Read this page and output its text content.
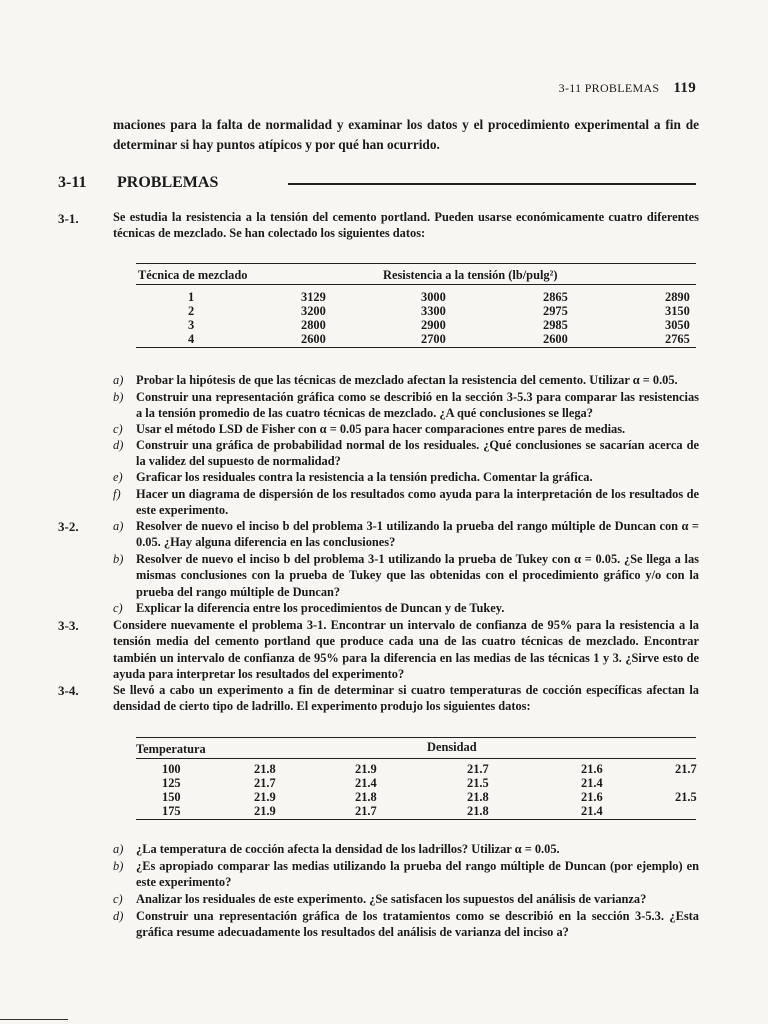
3-11 PROBLEMAS 119
maciones para la falta de normalidad y examinar los datos y el procedimiento experimental a fin de determinar si hay puntos atípicos y por qué han ocurrido.
3-11 PROBLEMAS
3-1.	Se estudia la resistencia a la tensión del cemento portland. Pueden usarse económicamente cuatro diferentes técnicas de mezclado. Se han colectado los siguientes datos:
Técnica de mezclado	Resistencia a la tensión (lb/pulg²)
1	3129	3000	2865	2890
2	3200	3300	2975	3150
3	2800	2900	2985	3050
4	2600	2700	2600	2765
a) Probar la hipótesis de que las técnicas de mezclado afectan la resistencia del cemento. Utilizar α = 0.05.
b) Construir una representación gráfica como se describió en la sección 3-5.3 para comparar las resistencias a la tensión promedio de las cuatro técnicas de mezclado. ¿A qué conclusiones se llega?
c)	Usar el método LSD de Fisher con α = 0.05 para hacer comparaciones entre pares de medias.
d) Construir una gráfica de probabilidad normal de los residuales. ¿Qué conclusiones se sacarían acerca de la validez del supuesto de normalidad?
e)	Graficar los residuales contra la resistencia a la tensión predicha. Comentar la gráfica.
f)	Hacer un diagrama de dispersión de los resultados como ayuda para la interpretación de los resultados de este experimento.
3-2.	a) Resolver de nuevo el inciso b del problema 3-1 utilizando la prueba del rango múltiple de Duncan con α = 0.05. ¿Hay alguna diferencia en las conclusiones?
b) Resolver de nuevo el inciso b del problema 3-1 utilizando la prueba de Tukey con α = 0.05. ¿Se llega a las mismas conclusiones con la prueba de Tukey que las obtenidas con el procedimiento gráfico y/o con la prueba del rango múltiple de Duncan?
c)	Explicar la diferencia entre los procedimientos de Duncan y de Tukey.
3-3.	Considere nuevamente el problema 3-1. Encontrar un intervalo de confianza de 95% para la resistencia a la tensión media del cemento portland que produce cada una de las cuatro técnicas de mezclado. Encontrar también un intervalo de confianza de 95% para la diferencia en las medias de las técnicas 1 y 3. ¿Sirve esto de ayuda para interpretar los resultados del experimento?
3-4.	Se llevó a cabo un experimento a fin de determinar si cuatro temperaturas de cocción específicas afectan la densidad de cierto tipo de ladrillo. El experimento produjo los siguientes datos:
Temperatura	Densidad
100	21.8	21.9	21.7	21.6	21.7
125	21.7	21.4	21.5	21.4
150	21.9	21.8	21.8	21.6	21.5
175	21.9	21.7	21.8	21.4
a) ¿La temperatura de cocción afecta la densidad de los ladrillos? Utilizar α = 0.05.
b) ¿Es apropiado comparar las medias utilizando la prueba del rango múltiple de Duncan (por ejemplo) en este experimento?
c)	Analizar los residuales de este experimento. ¿Se satisfacen los supuestos del análisis de varianza?
d) Construir una representación gráfica de los tratamientos como se describió en la sección 3-5.3. ¿Esta gráfica resume adecuadamente los resultados del análisis de varianza del inciso a?
